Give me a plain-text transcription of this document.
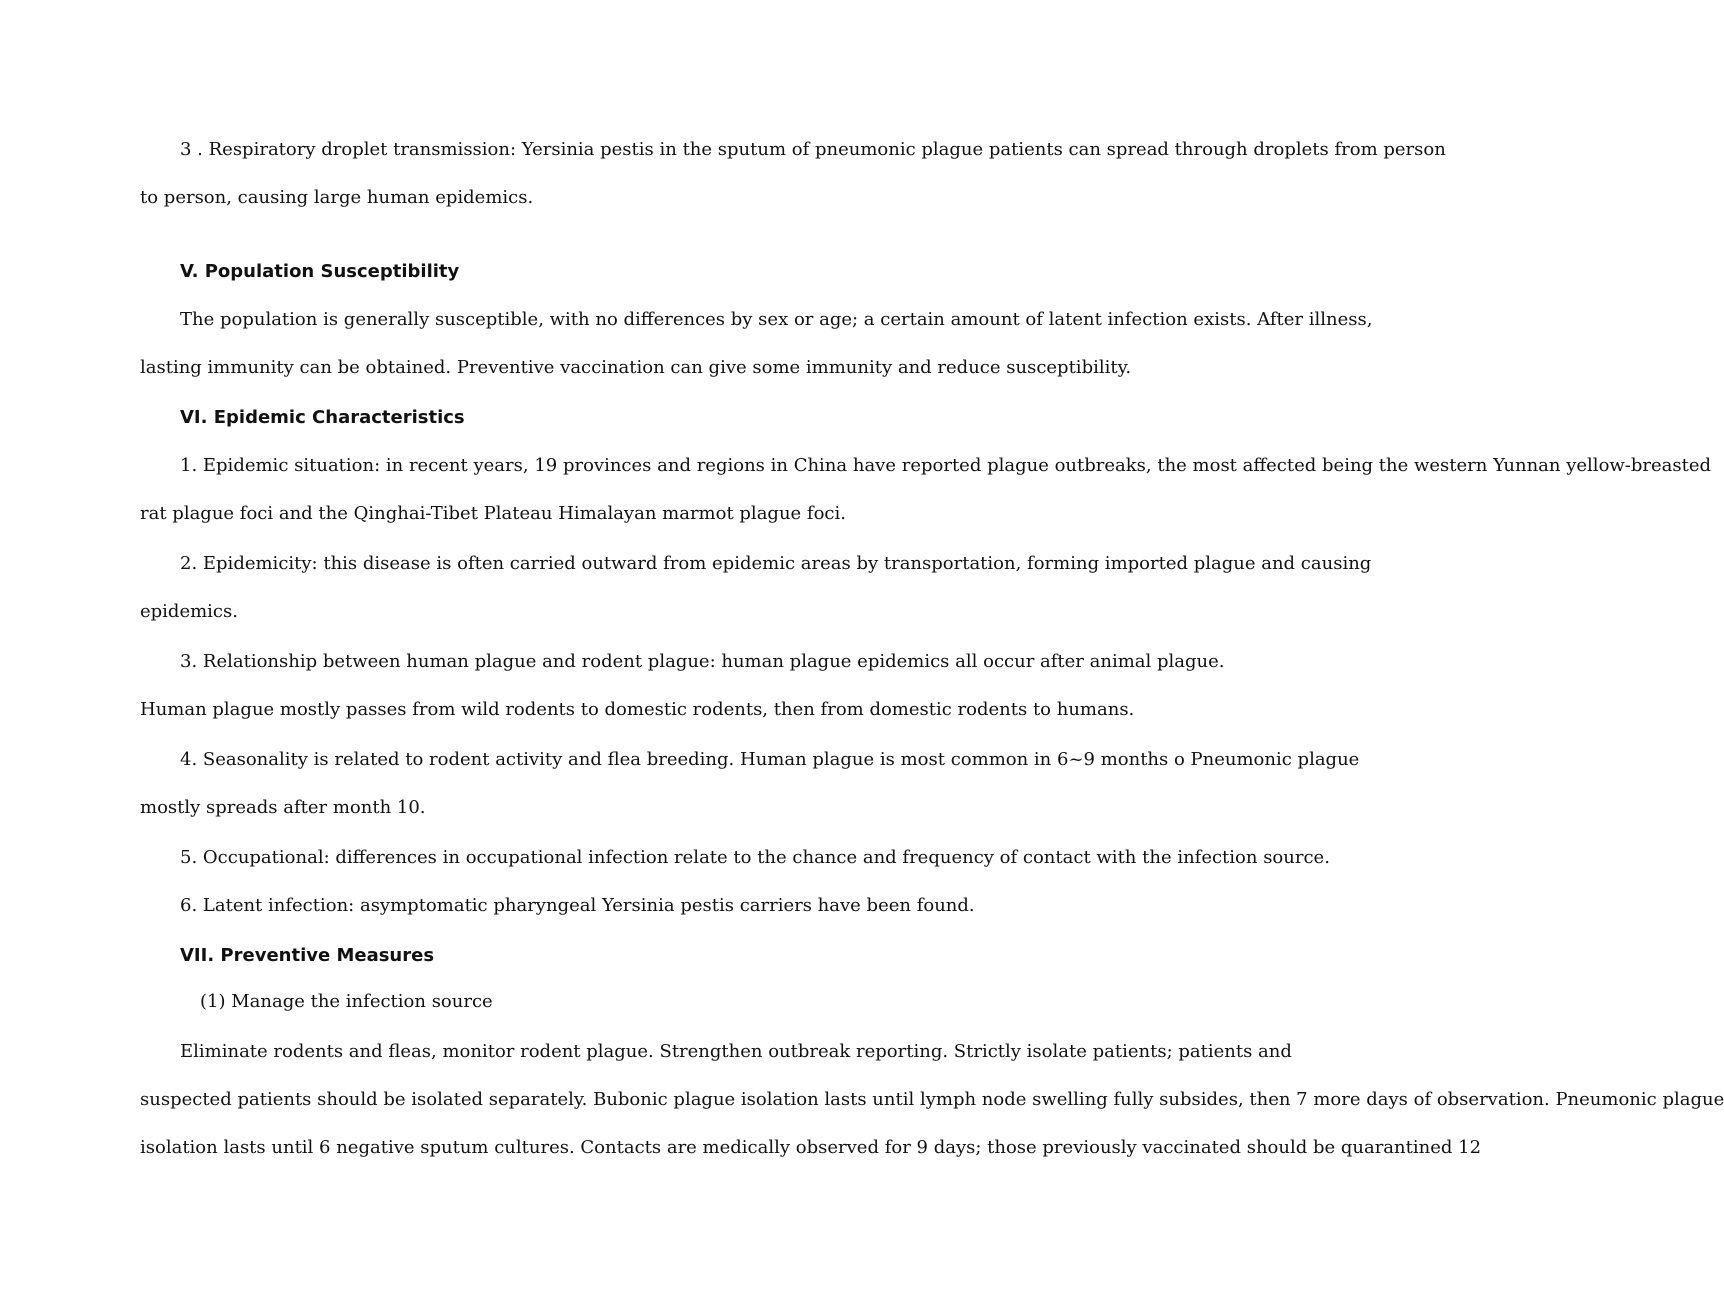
3 . Respiratory droplet transmission: Yersinia pestis in the sputum of pneumonic plague patients can spread through droplets from person
to person, causing large human epidemics.
V. Population Susceptibility
The population is generally susceptible, with no differences by sex or age; a certain amount of latent infection exists. After illness,
lasting immunity can be obtained. Preventive vaccination can give some immunity and reduce susceptibility.
VI. Epidemic Characteristics
1. Epidemic situation: in recent years, 19 provinces and regions in China have reported plague outbreaks, the most affected being the western Yunnan yellow-breasted
rat plague foci and the Qinghai-Tibet Plateau Himalayan marmot plague foci.
2. Epidemicity: this disease is often carried outward from epidemic areas by transportation, forming imported plague and causing
epidemics.
3. Relationship between human plague and rodent plague: human plague epidemics all occur after animal plague.
Human plague mostly passes from wild rodents to domestic rodents, then from domestic rodents to humans.
4. Seasonality is related to rodent activity and flea breeding. Human plague is most common in 6~9 months o Pneumonic plague
mostly spreads after month 10.
5. Occupational: differences in occupational infection relate to the chance and frequency of contact with the infection source.
6. Latent infection: asymptomatic pharyngeal Yersinia pestis carriers have been found.
VII. Preventive Measures
(1) Manage the infection source
Eliminate rodents and fleas, monitor rodent plague. Strengthen outbreak reporting. Strictly isolate patients; patients and
suspected patients should be isolated separately. Bubonic plague isolation lasts until lymph node swelling fully subsides, then 7 more days of observation. Pneumonic plague
isolation lasts until 6 negative sputum cultures. Contacts are medically observed for 9 days; those previously vaccinated should be quarantined 12
